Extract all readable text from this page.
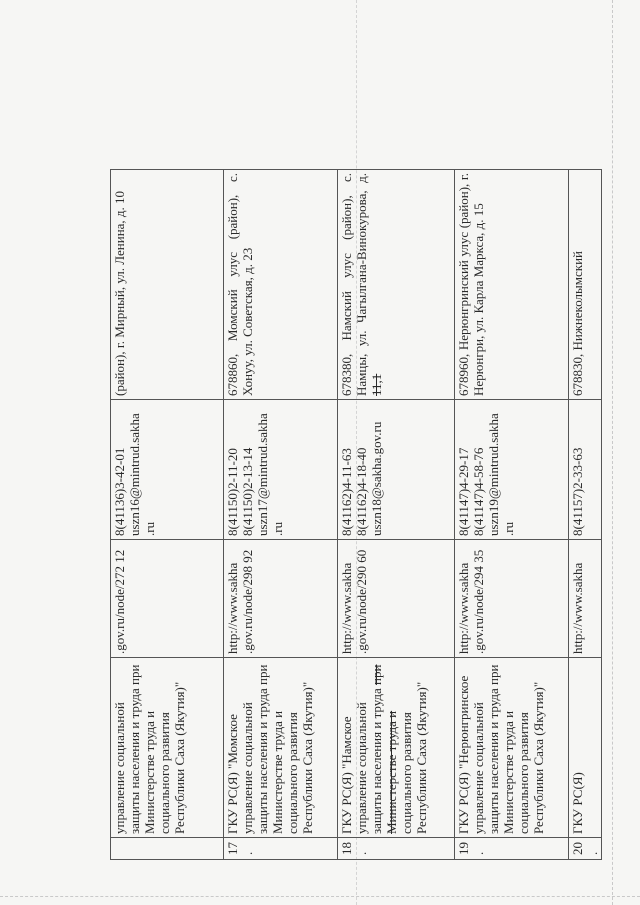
	управление социальной защиты населения и труда при Министерстве труда и социального развития Республики Саха (Якутия)"	.gov.ru/node/272 12	8(41136)3-42-01 uszn16@mintrud.sakha .ru	(район), г. Мирный, ул. Ленина, д. 10
17.	ГКУ РС(Я) "Момское управление социальной защиты населения и труда при Министерстве труда и социального развития Республики Саха (Якутия)"	http://www.sakha .gov.ru/node/298 92	8(41150)2-11-20 8(41150)2-13-14 uszn17@mintrud.sakha .ru	678860, Момский улус (район), с. Хонуу, ул. Советская, д. 23
18.	ГКУ РС(Я) "Намское управление социальной защиты населения и труда при Министерстве труда и социального развития Республики Саха (Якутия)"	http://www.sakha .gov.ru/node/290 60	8(41162)4-11-63 8(41162)4-18-40 uszn18@sakha.gov.ru	678380, Намский улус (район), с. Намцы, ул. Чагылгана-Винокурова, д. 11,1
19.	ГКУ РС(Я) "Нерюнгринское управление социальной защиты населения и труда при Министерстве труда и социального развития Республики Саха (Якутия)"	http://www.sakha .gov.ru/node/294 35	8(41147)4-29-17 8(41147)4-58-76 uszn19@mintrud.sakha .ru	678960, Нерюнгринский улус (район), г. Нерюнгри, ул. Карла Маркса, д. 15
20.	ГКУ РС(Я)	http://www.sakha	8(41157)2-33-63	678830, Нижнеколымский
